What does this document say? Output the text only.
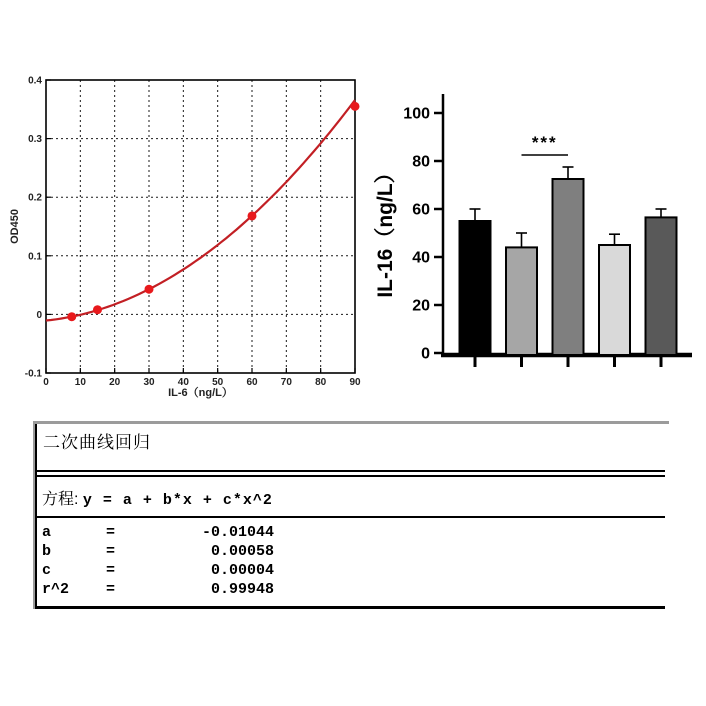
-0.1
0
0.1
0.2
0.3
0.4
0	10 20 30 40 50 60 70 80 90
OD450
IL-6（ng/L）
0
20
40
60
80
100
***
IL-16（ng/L）
二次曲线回归
方程: y = a + b*x + c*x^2
a	=	-0.01044
b	=	0.00058
c	=	0.00004
r^2 =	0.99948
